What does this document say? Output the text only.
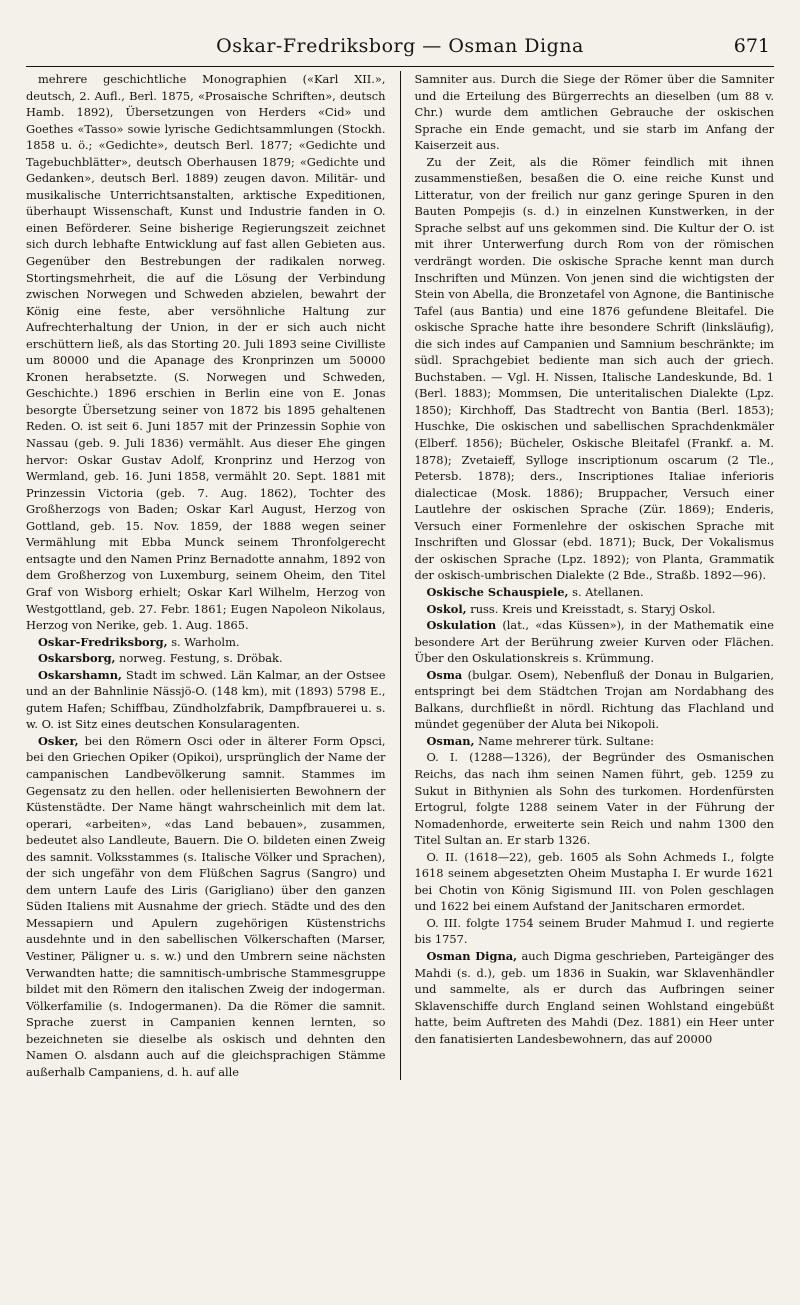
Oskar-Fredriksborg — Osman Digna	671

mehrere geschichtliche Monographien («Karl XII.», deutsch, 2. Aufl., Berl. 1875, «Prosaische Schriften», deutsch Hamb. 1892), Übersetzungen von Herders «Cid» und Goethes «Tasso» sowie lyrische Gedichtsammlungen (Stockh. 1858 u. ö.; «Gedichte», deutsch Berl. 1877; «Gedichte und Tagebuchblätter», deutsch Oberhausen 1879; «Gedichte und Gedanken», deutsch Berl. 1889) zeugen davon. Militär- und musikalische Unterrichtsanstalten, arktische Expeditionen, überhaupt Wissenschaft, Kunst und Industrie fanden in O. einen Beförderer. Seine bisherige Regierungszeit zeichnet sich durch lebhafte Entwicklung auf fast allen Gebieten aus. Gegenüber den Bestrebungen der radikalen norweg. Stortingsmehrheit, die auf die Lösung der Verbindung zwischen Norwegen und Schweden abzielen, bewahrt der König eine feste, aber versöhnliche Haltung zur Aufrechterhaltung der Union, in der er sich auch nicht erschüttern ließ, als das Storting 20. Juli 1893 seine Civilliste um 80000 und die Apanage des Kronprinzen um 50000 Kronen herabsetzte. (S. Norwegen und Schweden, Geschichte.) 1896 erschien in Berlin eine von E. Jonas besorgte Übersetzung seiner von 1872 bis 1895 gehaltenen Reden. O. ist seit 6. Juni 1857 mit der Prinzessin Sophie von Nassau (geb. 9. Juli 1836) vermählt. Aus dieser Ehe gingen hervor: Oskar Gustav Adolf, Kronprinz und Herzog von Wermland, geb. 16. Juni 1858, vermählt 20. Sept. 1881 mit Prinzessin Victoria (geb. 7. Aug. 1862), Tochter des Großherzogs von Baden; Oskar Karl August, Herzog von Gottland, geb. 15. Nov. 1859, der 1888 wegen seiner Vermählung mit Ebba Munck seinem Thronfolgerecht entsagte und den Namen Prinz Bernadotte annahm, 1892 von dem Großherzog von Luxemburg, seinem Oheim, den Titel Graf von Wisborg erhielt; Oskar Karl Wilhelm, Herzog von Westgottland, geb. 27. Febr. 1861; Eugen Napoleon Nikolaus, Herzog von Nerike, geb. 1. Aug. 1865.

Oskar-Fredriksborg, s. Warholm.

Oskarsborg, norweg. Festung, s. Dröbak.

Oskarshamn, Stadt im schwed. Län Kalmar, an der Ostsee und an der Bahnlinie Nässjö-O. (148 km), mit (1893) 5798 E., gutem Hafen; Schiffbau, Zündholzfabrik, Dampfbrauerei u. s. w. O. ist Sitz eines deutschen Konsularagenten.

Osker, bei den Römern Osci oder in älterer Form Opsci, bei den Griechen Opiker (Opikoi), ursprünglich der Name der campanischen Landbevölkerung samnit. Stammes im Gegensatz zu den hellen. oder hellenisierten Bewohnern der Küstenstädte. Der Name hängt wahrscheinlich mit dem lat. operari, «arbeiten», «das Land bebauen», zusammen, bedeutet also Landleute, Bauern. Die O. bildeten einen Zweig des samnit. Volksstammes (s. Italische Völker und Sprachen), der sich ungefähr von dem Flüßchen Sagrus (Sangro) und dem untern Laufe des Liris (Garigliano) über den ganzen Süden Italiens mit Ausnahme der griech. Städte und des den Messapiern und Apulern zugehörigen Küstenstrichs ausdehnte und in den sabellischen Völkerschaften (Marser, Vestiner, Päligner u. s. w.) und den Umbrern seine nächsten Verwandten hatte; die samnitisch-umbrische Stammesgruppe bildet mit den Römern den italischen Zweig der indogerman. Völkerfamilie (s. Indogermanen). Da die Römer die samnit. Sprache zuerst in Campanien kennen lernten, so bezeichneten sie dieselbe als oskisch und dehnten den Namen O. alsdann auch auf die gleichsprachigen Stämme außerhalb Campaniens, d. h. auf alle

Samniter aus. Durch die Siege der Römer über die Samniter und die Erteilung des Bürgerrechts an dieselben (um 88 v. Chr.) wurde dem amtlichen Gebrauche der oskischen Sprache ein Ende gemacht, und sie starb im Anfang der Kaiserzeit aus.

Zu der Zeit, als die Römer feindlich mit ihnen zusammenstießen, besaßen die O. eine reiche Kunst und Litteratur, von der freilich nur ganz geringe Spuren in den Bauten Pompejis (s. d.) in einzelnen Kunstwerken, in der Sprache selbst auf uns gekommen sind. Die Kultur der O. ist mit ihrer Unterwerfung durch Rom von der römischen verdrängt worden. Die oskische Sprache kennt man durch Inschriften und Münzen. Von jenen sind die wichtigsten der Stein von Abella, die Bronzetafel von Agnone, die Bantinische Tafel (aus Bantia) und eine 1876 gefundene Bleitafel. Die oskische Sprache hatte ihre besondere Schrift (linksläufig), die sich indes auf Campanien und Samnium beschränkte; im südl. Sprachgebiet bediente man sich auch der griech. Buchstaben. — Vgl. H. Nissen, Italische Landeskunde, Bd. 1 (Berl. 1883); Mommsen, Die unteritalischen Dialekte (Lpz. 1850); Kirchhoff, Das Stadtrecht von Bantia (Berl. 1853); Huschke, Die oskischen und sabellischen Sprachdenkmäler (Elberf. 1856); Bücheler, Oskische Bleitafel (Frankf. a. M. 1878); Zvetaieff, Sylloge inscriptionum oscarum (2 Tle., Petersb. 1878); ders., Inscriptiones Italiae inferioris dialecticae (Mosk. 1886); Bruppacher, Versuch einer Lautlehre der oskischen Sprache (Zür. 1869); Enderis, Versuch einer Formenlehre der oskischen Sprache mit Inschriften und Glossar (ebd. 1871); Buck, Der Vokalismus der oskischen Sprache (Lpz. 1892); von Planta, Grammatik der oskisch-umbrischen Dialekte (2 Bde., Straßb. 1892—96).

Oskische Schauspiele, s. Atellanen.

Oskol, russ. Kreis und Kreisstadt, s. Staryj Oskol.

Oskulation (lat., «das Küssen»), in der Mathematik eine besondere Art der Berührung zweier Kurven oder Flächen. Über den Oskulationskreis s. Krümmung.

Osma (bulgar. Osem), Nebenfluß der Donau in Bulgarien, entspringt bei dem Städtchen Trojan am Nordabhang des Balkans, durchfließt in nördl. Richtung das Flachland und mündet gegenüber der Aluta bei Nikopoli.

Osman, Name mehrerer türk. Sultane:

O. I. (1288—1326), der Begründer des Osmanischen Reichs, das nach ihm seinen Namen führt, geb. 1259 zu Sukut in Bithynien als Sohn des turkomen. Hordenfürsten Ertogrul, folgte 1288 seinem Vater in der Führung der Nomadenhorde, erweiterte sein Reich und nahm 1300 den Titel Sultan an. Er starb 1326.

O. II. (1618—22), geb. 1605 als Sohn Achmeds I., folgte 1618 seinem abgesetzten Oheim Mustapha I. Er wurde 1621 bei Chotin von König Sigismund III. von Polen geschlagen und 1622 bei einem Aufstand der Janitscharen ermordet.

O. III. folgte 1754 seinem Bruder Mahmud I. und regierte bis 1757.

Osman Digna, auch Digma geschrieben, Parteigänger des Mahdi (s. d.), geb. um 1836 in Suakin, war Sklavenhändler und sammelte, als er durch das Aufbringen seiner Sklavenschiffe durch England seinen Wohlstand eingebüßt hatte, beim Auftreten des Mahdi (Dez. 1881) ein Heer unter den fanatisierten Landesbewohnern, das auf 20000
